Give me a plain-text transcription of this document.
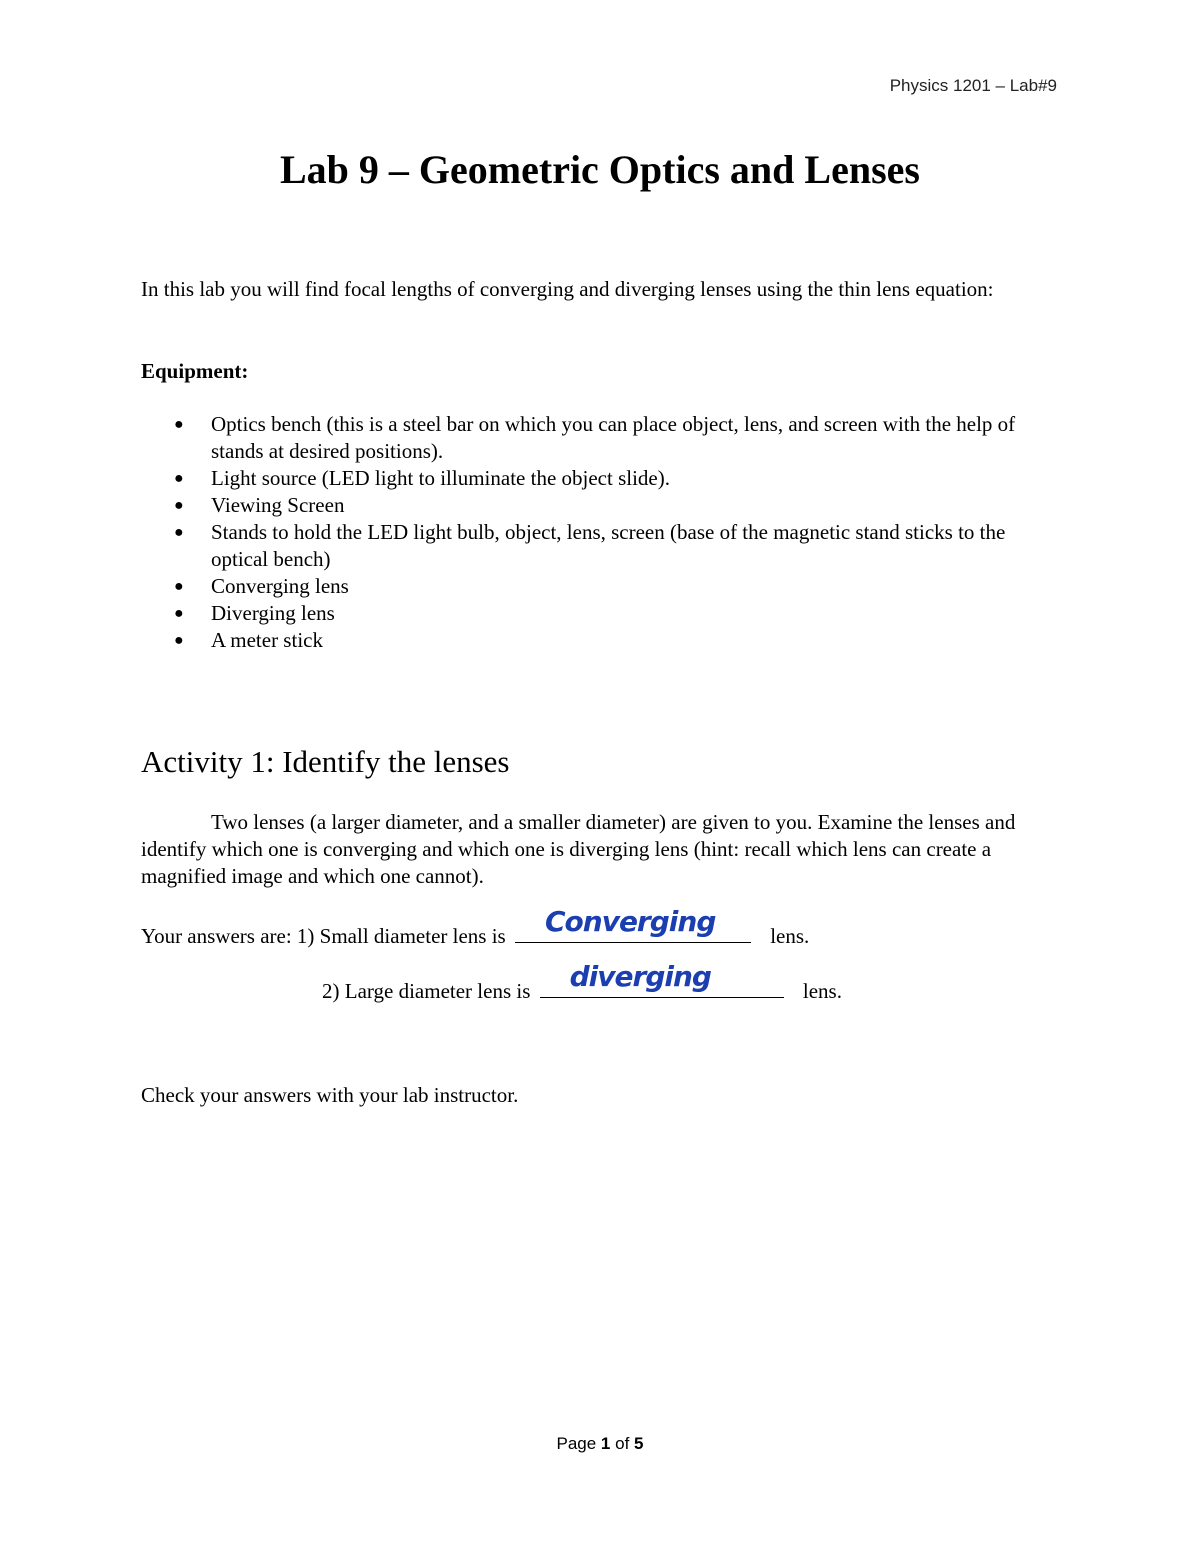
Physics 1201 – Lab#9
Lab 9 – Geometric Optics and Lenses
In this lab you will find focal lengths of converging and diverging lenses using the thin lens equation:
Equipment:
● Optics bench (this is a steel bar on which you can place object, lens, and screen with the help of stands at desired positions).
● Light source (LED light to illuminate the object slide).
● Viewing Screen
● Stands to hold the LED light bulb, object, lens, screen (base of the magnetic stand sticks to the optical bench)
● Converging lens
● Diverging lens
● A meter stick
Activity 1: Identify the lenses
Two lenses (a larger diameter, and a smaller diameter) are given to you. Examine the lenses and identify which one is converging and which one is diverging lens (hint: recall which lens can create a magnified image and which one cannot).
Your answers are: 1) Small diameter lens is Converging	lens.
2) Large diameter lens is diverging	lens.
Check your answers with your lab instructor.
Page 1 of 5
